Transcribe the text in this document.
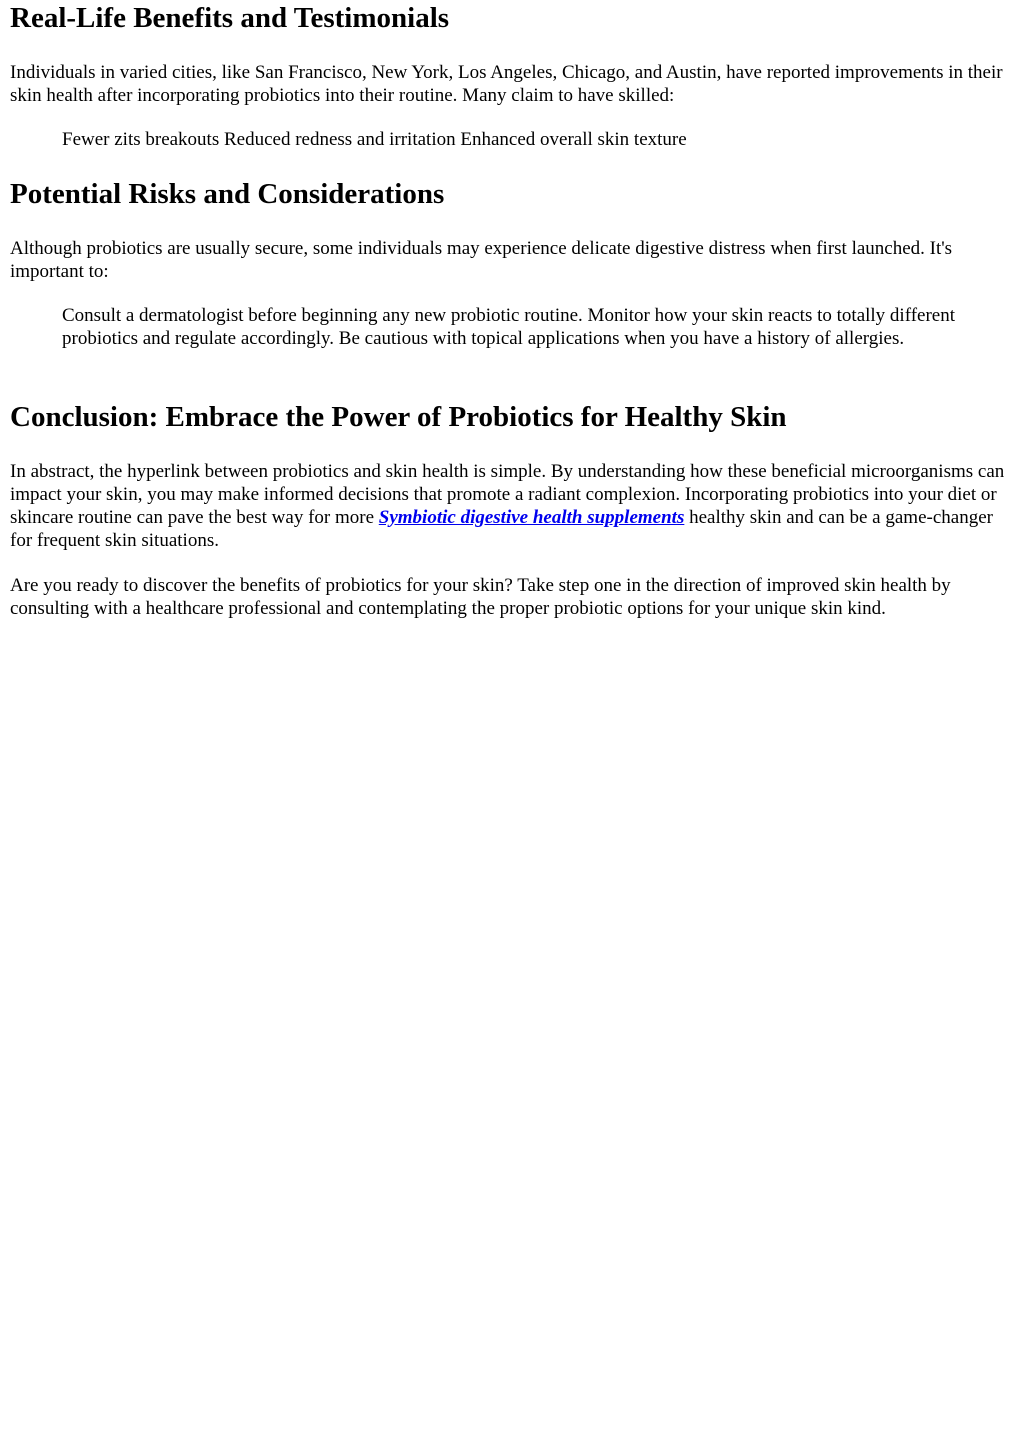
Real-Life Benefits and Testimonials

Individuals in varied cities, like San Francisco, New York, Los Angeles, Chicago, and Austin, have reported improvements in their skin health after incorporating probiotics into their routine. Many claim to have skilled:

Fewer zits breakouts Reduced redness and irritation Enhanced overall skin texture
Potential Risks and Considerations

Although probiotics are usually secure, some individuals may experience delicate digestive distress when first launched. It's important to:

Consult a dermatologist before beginning any new probiotic routine. Monitor how your skin reacts to totally different probiotics and regulate accordingly. Be cautious with topical applications when you have a history of allergies.
Conclusion: Embrace the Power of Probiotics for Healthy Skin

In abstract, the hyperlink between probiotics and skin health is simple. By understanding how these beneficial microorganisms can impact your skin, you may make informed decisions that promote a radiant complexion. Incorporating probiotics into your diet or skincare routine can pave the best way for more Symbiotic digestive health supplements healthy skin and can be a game-changer for frequent skin situations.

Are you ready to discover the benefits of probiotics for your skin? Take step one in the direction of improved skin health by consulting with a healthcare professional and contemplating the proper probiotic options for your unique skin kind.
